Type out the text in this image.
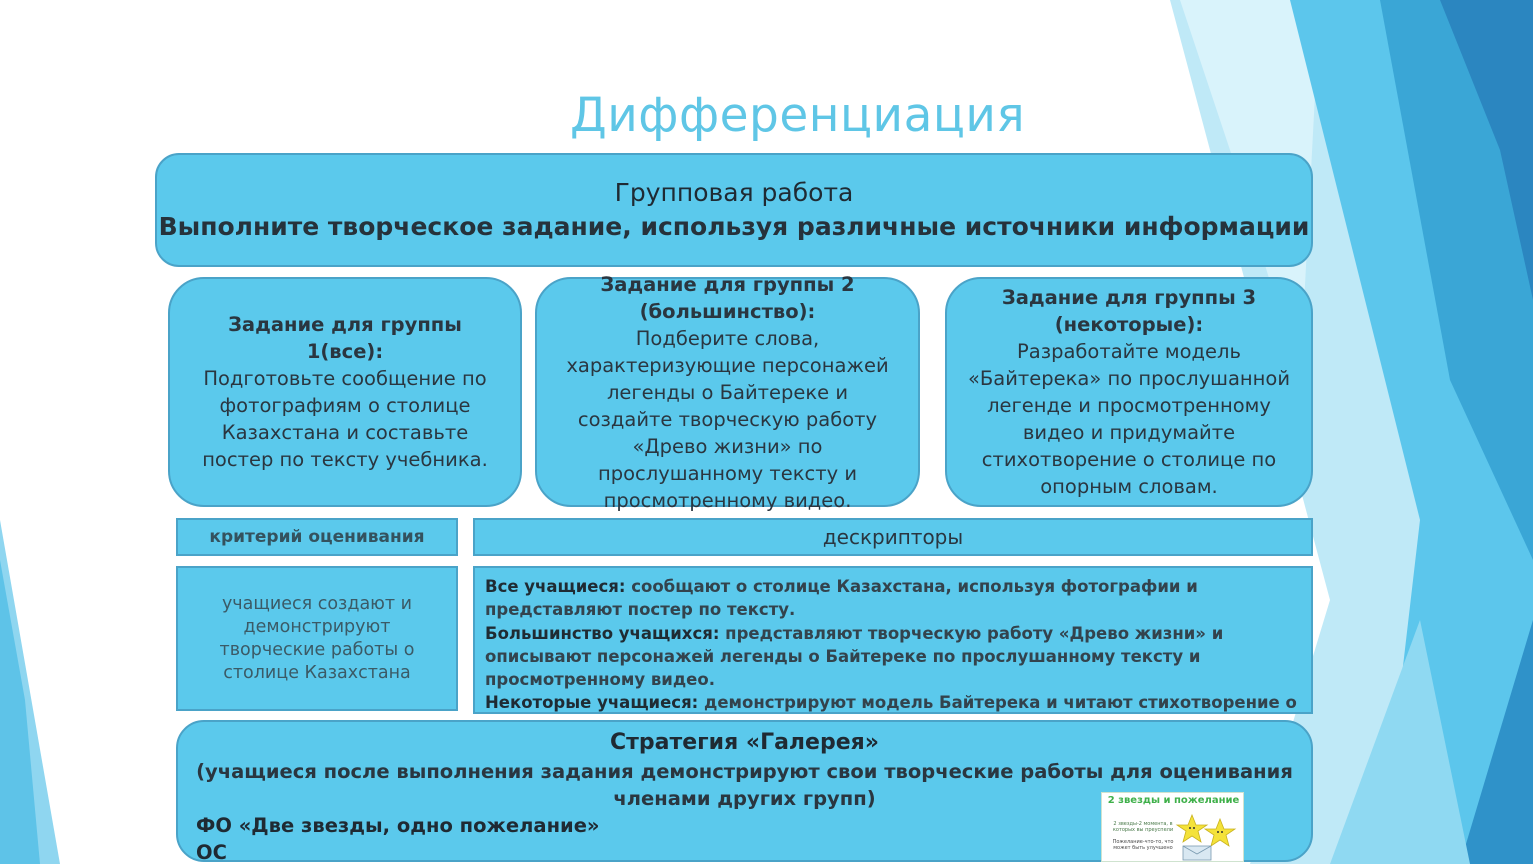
Дифференциация
Групповая работа
Выполните творческое задание, используя различные источники информации
Задание для группы 1(все):
Подготовьте сообщение по
фотографиям о столице
Казахстана и составьте
постер по тексту учебника.
Задание для группы 2
(большинство):
Подберите слова,
характеризующие персонажей
легенды о Байтереке и
создайте творческую работу
«Древо жизни» по
прослушанному тексту и
просмотренному видео.
Задание для группы 3
(некоторые):
Разработайте модель
«Байтерека» по прослушанной
легенде и просмотренному
видео и придумайте
стихотворение о столице по
опорным словам.
критерий оценивания	дескрипторы
учащиеся создают и демонстрируют творческие работы о столице Казахстана
Все учащиеся: сообщают о столице Казахстана, используя фотографии и представляют постер по тексту.
Большинство учащихся: представляют творческую работу «Древо жизни» и описывают персонажей легенды о Байтереке по прослушанному тексту и просмотренному видео.
Некоторые учащиеся: демонстрируют модель Байтерека и читают стихотворение о
Стратегия «Галерея»
(учащиеся после выполнения задания демонстрируют свои творческие работы для оценивания членами других групп)
ФО «Две звезды, одно пожелание»
ОС
2 звезды и пожелание
2 звезды-2 момента, в которых вы преуспели
Пожелание-что-то, что может быть улучшено
